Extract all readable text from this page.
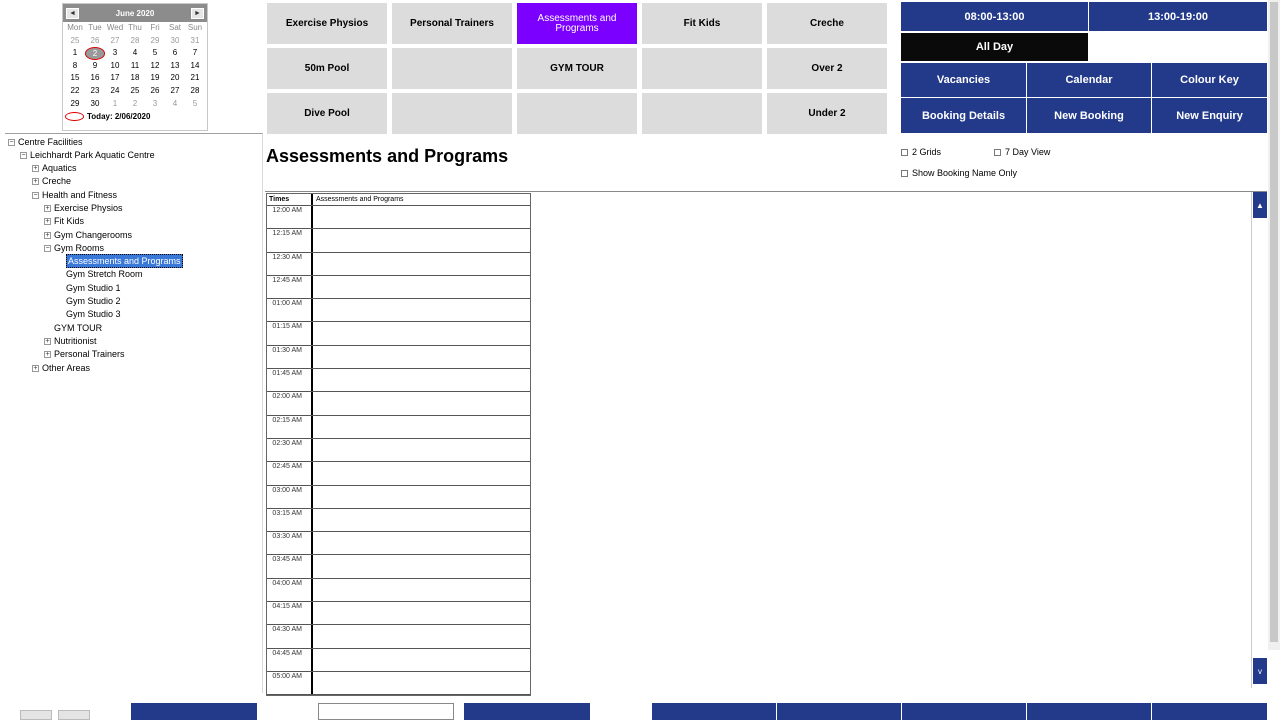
◄	June 2020	►
Mon Tue Wed Thu	Fri	Sat Sun
25	26	27	28	29	30	31
1	2	3	4	5	6	7
8	9	10	11	12	13	14
15	16	17	18	19	20	21
22	23	24	25	26	27	28
29	30	1	2	3	4	5
Today: 2/06/2020
− Centre Facilities
− Leichhardt Park Aquatic Centre
+ Aquatics
+ Creche
− Health and Fitness
+ Exercise Physios
+ Fit Kids
+ Gym Changerooms
− Gym Rooms
Assessments and Programs
Gym Stretch Room
Gym Studio 1
Gym Studio 2
Gym Studio 3
GYM TOUR
+ Nutritionist
+ Personal Trainers
+ Other Areas
Exercise Physios	Personal Trainers	Assessments and Programs	Fit Kids	Creche
50m Pool	GYM TOUR	Over 2
Dive Pool	Under 2
08:00-13:00	13:00-19:00
All Day
Vacancies	Calendar	Colour Key
Booking Details	New Booking	New Enquiry
Assessments and Programs	2 Grids	7 Day View
Show Booking Name Only
Times	Assessments and Programs
12:00 AM
12:15 AM
12:30 AM
12:45 AM
01:00 AM
01:15 AM
01:30 AM
01:45 AM
02:00 AM
02:15 AM
02:30 AM
02:45 AM
03:00 AM
03:15 AM
03:30 AM
03:45 AM
04:00 AM
04:15 AM
04:30 AM
04:45 AM
05:00 AM
▲
v
